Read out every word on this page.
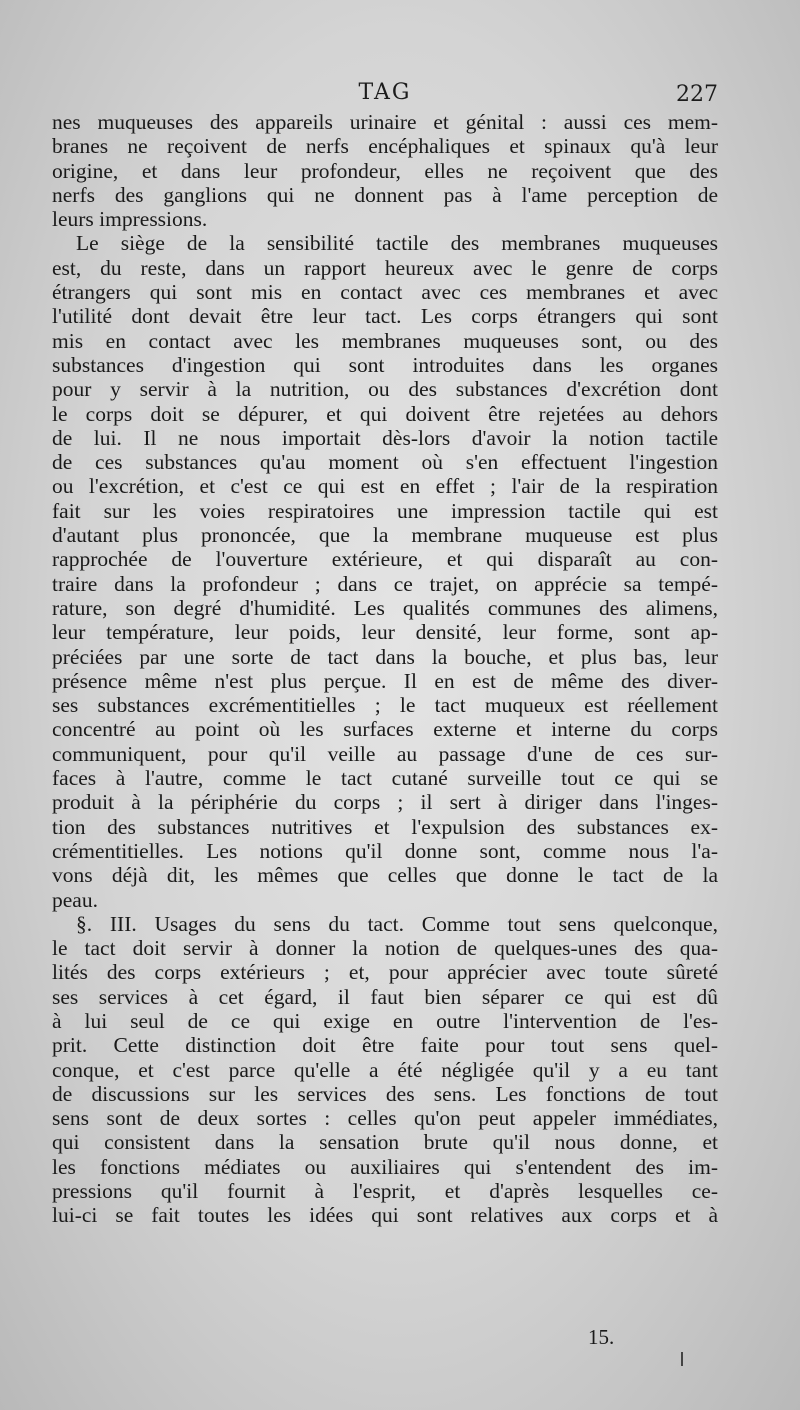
TAG	227
nes muqueuses des appareils urinaire et génital : aussi ces mem-
branes ne reçoivent de nerfs encéphaliques et spinaux qu'à leur
origine, et dans leur profondeur, elles ne reçoivent que des
nerfs des ganglions qui ne donnent pas à l'ame perception de
leurs impressions.
Le siège de la sensibilité tactile des membranes muqueuses
est, du reste, dans un rapport heureux avec le genre de corps
étrangers qui sont mis en contact avec ces membranes et avec
l'utilité dont devait être leur tact. Les corps étrangers qui sont
mis en contact avec les membranes muqueuses sont, ou des
substances d'ingestion qui sont introduites dans les organes
pour y servir à la nutrition, ou des substances d'excrétion dont
le corps doit se dépurer, et qui doivent être rejetées au dehors
de lui. Il ne nous importait dès-lors d'avoir la notion tactile
de ces substances qu'au moment où s'en effectuent l'ingestion
ou l'excrétion, et c'est ce qui est en effet ; l'air de la respiration
fait sur les voies respiratoires une impression tactile qui est
d'autant plus prononcée, que la membrane muqueuse est plus
rapprochée de l'ouverture extérieure, et qui disparaît au con-
traire dans la profondeur ; dans ce trajet, on apprécie sa tempé-
rature, son degré d'humidité. Les qualités communes des alimens,
leur température, leur poids, leur densité, leur forme, sont ap-
préciées par une sorte de tact dans la bouche, et plus bas, leur
présence même n'est plus perçue. Il en est de même des diver-
ses substances excrémentitielles ; le tact muqueux est réellement
concentré au point où les surfaces externe et interne du corps
communiquent, pour qu'il veille au passage d'une de ces sur-
faces à l'autre, comme le tact cutané surveille tout ce qui se
produit à la périphérie du corps ; il sert à diriger dans l'inges-
tion des substances nutritives et l'expulsion des substances ex-
crémentitielles. Les notions qu'il donne sont, comme nous l'a-
vons déjà dit, les mêmes que celles que donne le tact de la
peau.
§. III. Usages du sens du tact. Comme tout sens quelconque,
le tact doit servir à donner la notion de quelques-unes des qua-
lités des corps extérieurs ; et, pour apprécier avec toute sûreté
ses services à cet égard, il faut bien séparer ce qui est dû
à lui seul de ce qui exige en outre l'intervention de l'es-
prit. Cette distinction doit être faite pour tout sens quel-
conque, et c'est parce qu'elle a été négligée qu'il y a eu tant
de discussions sur les services des sens. Les fonctions de tout
sens sont de deux sortes : celles qu'on peut appeler immédiates,
qui consistent dans la sensation brute qu'il nous donne, et
les fonctions médiates ou auxiliaires qui s'entendent des im-
pressions qu'il fournit à l'esprit, et d'après lesquelles ce-
lui-ci se fait toutes les idées qui sont relatives aux corps et à
15.
